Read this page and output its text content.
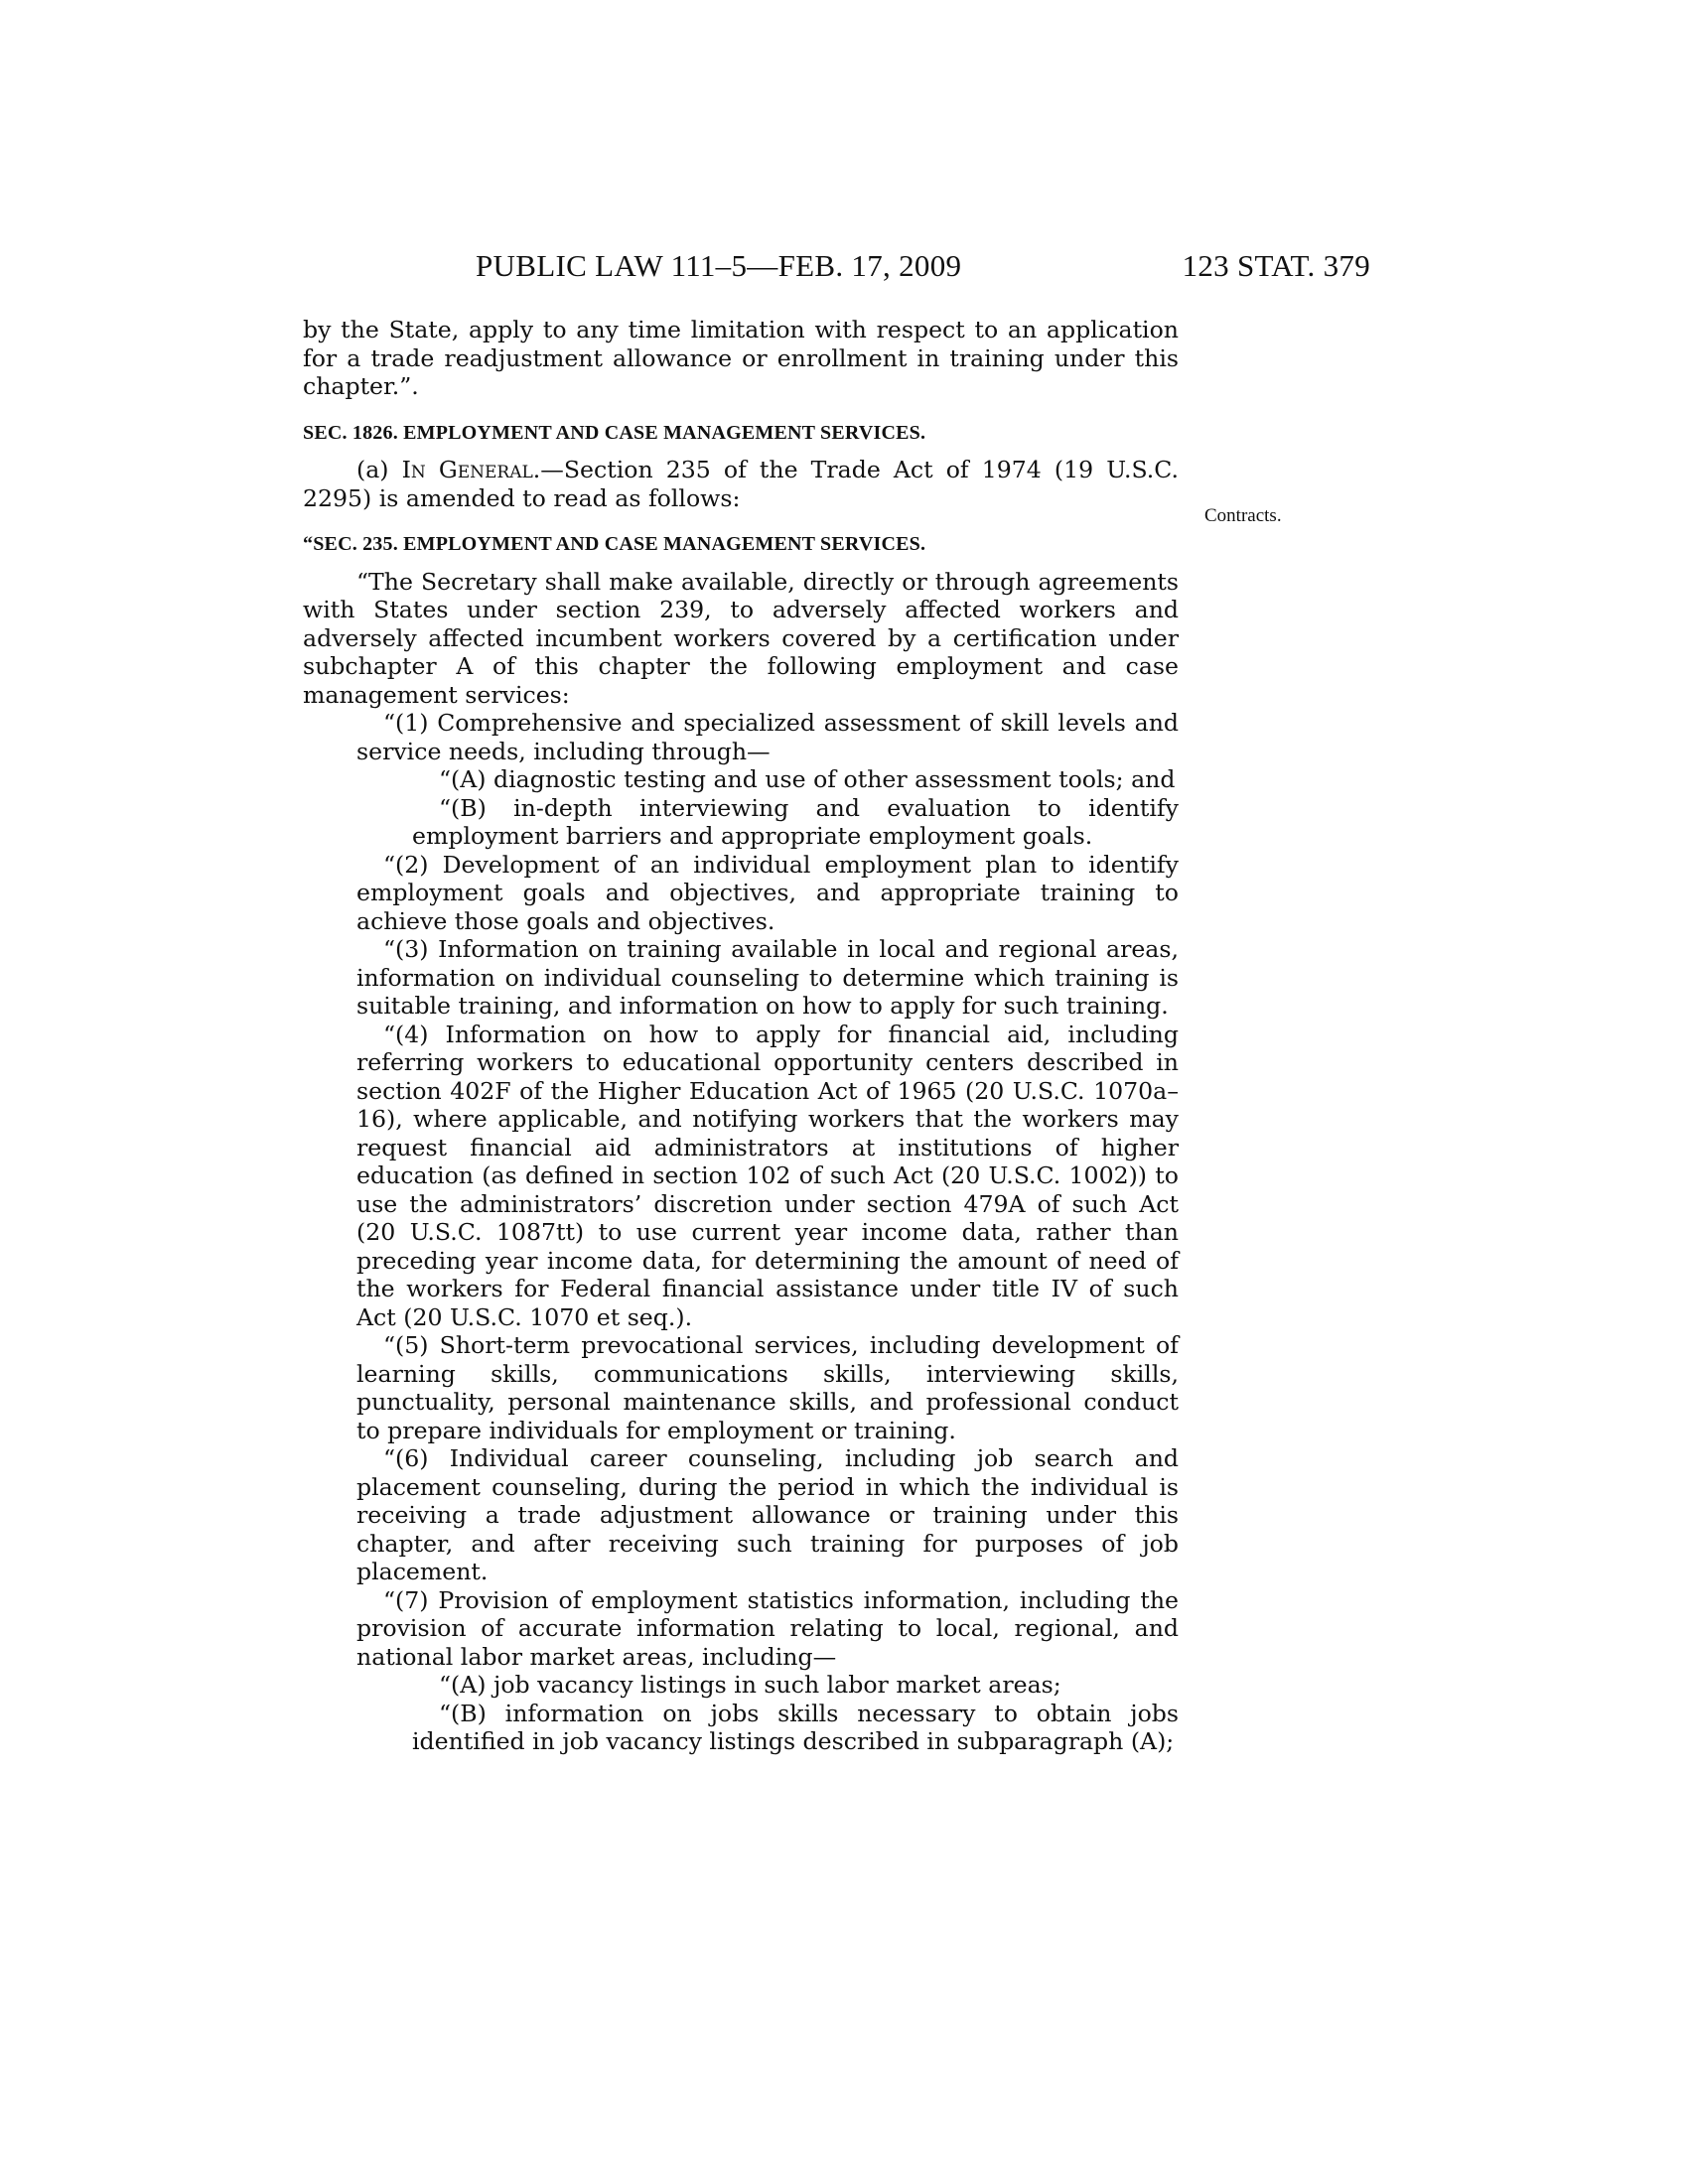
PUBLIC LAW 111–5—FEB. 17, 2009	123 STAT. 379
Contracts.

by the State, apply to any time limitation with respect to an application for a trade readjustment allowance or enrollment in training under this chapter.”.

SEC. 1826. EMPLOYMENT AND CASE MANAGEMENT SERVICES.

(a) In General.—Section 235 of the Trade Act of 1974 (19 U.S.C. 2295) is amended to read as follows:

“SEC. 235. EMPLOYMENT AND CASE MANAGEMENT SERVICES.

“The Secretary shall make available, directly or through agreements with States under section 239, to adversely affected workers and adversely affected incumbent workers covered by a certification under subchapter A of this chapter the following employment and case management services:

“(1) Comprehensive and specialized assessment of skill levels and service needs, including through—

“(A) diagnostic testing and use of other assessment tools; and

“(B) in-depth interviewing and evaluation to identify employment barriers and appropriate employment goals.

“(2) Development of an individual employment plan to identify employment goals and objectives, and appropriate training to achieve those goals and objectives.

“(3) Information on training available in local and regional areas, information on individual counseling to determine which training is suitable training, and information on how to apply for such training.

“(4) Information on how to apply for financial aid, including referring workers to educational opportunity centers described in section 402F of the Higher Education Act of 1965 (20 U.S.C. 1070a–16), where applicable, and notifying workers that the workers may request financial aid administrators at institutions of higher education (as defined in section 102 of such Act (20 U.S.C. 1002)) to use the administrators’ discretion under section 479A of such Act (20 U.S.C. 1087tt) to use current year income data, rather than preceding year income data, for determining the amount of need of the workers for Federal financial assistance under title IV of such Act (20 U.S.C. 1070 et seq.).

“(5) Short-term prevocational services, including development of learning skills, communications skills, interviewing skills, punctuality, personal maintenance skills, and professional conduct to prepare individuals for employment or training.

“(6) Individual career counseling, including job search and placement counseling, during the period in which the individual is receiving a trade adjustment allowance or training under this chapter, and after receiving such training for purposes of job placement.

“(7) Provision of employment statistics information, including the provision of accurate information relating to local, regional, and national labor market areas, including—

“(A) job vacancy listings in such labor market areas;

“(B) information on jobs skills necessary to obtain jobs identified in job vacancy listings described in subparagraph (A);
